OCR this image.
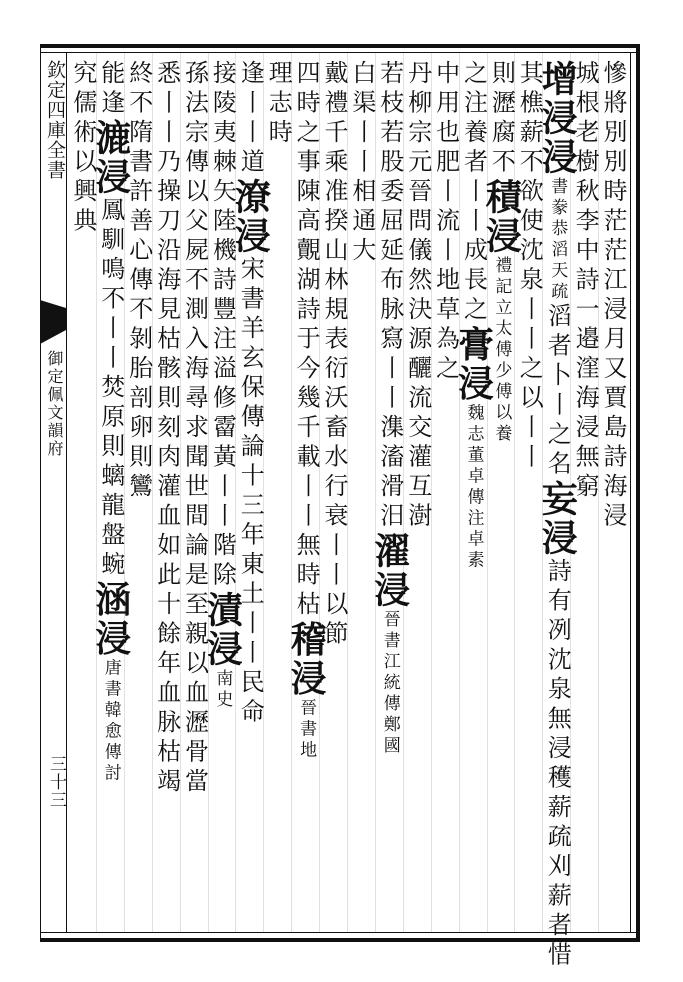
欽定四庫全書
御定佩文韻府
三十三
慘將別別時茫茫江浸月又賈島詩海浸
城根老樹秋李中詩一邉漥海浸無窮
增浸浸書豢恭滔天疏滔者卜丨之名妄浸詩有冽沈泉無浸穫薪疏刈薪者惜
其樵薪不欲使沈泉丨丨之以丨丨
則瀝腐不積浸禮記立太傅少傅以養
之注養者丨丨成長之膏浸魏志董卓傳注卓素
中用也肥丨流丨地草為之
丹柳宗元晉問儀然決源釃流交灌互澍
若枝若股委屈延布脉寫丨丨潗滀滑汨濯浸晉書江統傳鄭國
白渠丨丨相通大
戴禮千乘准揆山林規表衍沃畜水行衰丨丨以節
四時之事陳高覿湖詩于今幾千載丨丨無時枯稽浸晉書地
理志時
逢丨丨道潦浸宋書羊玄保傳論十三年東土丨丨民命
接陵夷棘矢陸機詩豐注溢修霤黃丨丨階除漬浸南史
孫法宗傳以父屍不測入海尋求聞世間論是至親以血瀝骨當
悉丨丨乃操刀沿海見枯骸則刻肉灌血如此十餘年血脉枯竭
終不隋書許善心傳不剝胎剖卵則鸞
能逢漉浸鳳馴鳴不丨丨焚原則螭龍盤蜿涵浸唐書韓愈傳討
究儒術以興典
